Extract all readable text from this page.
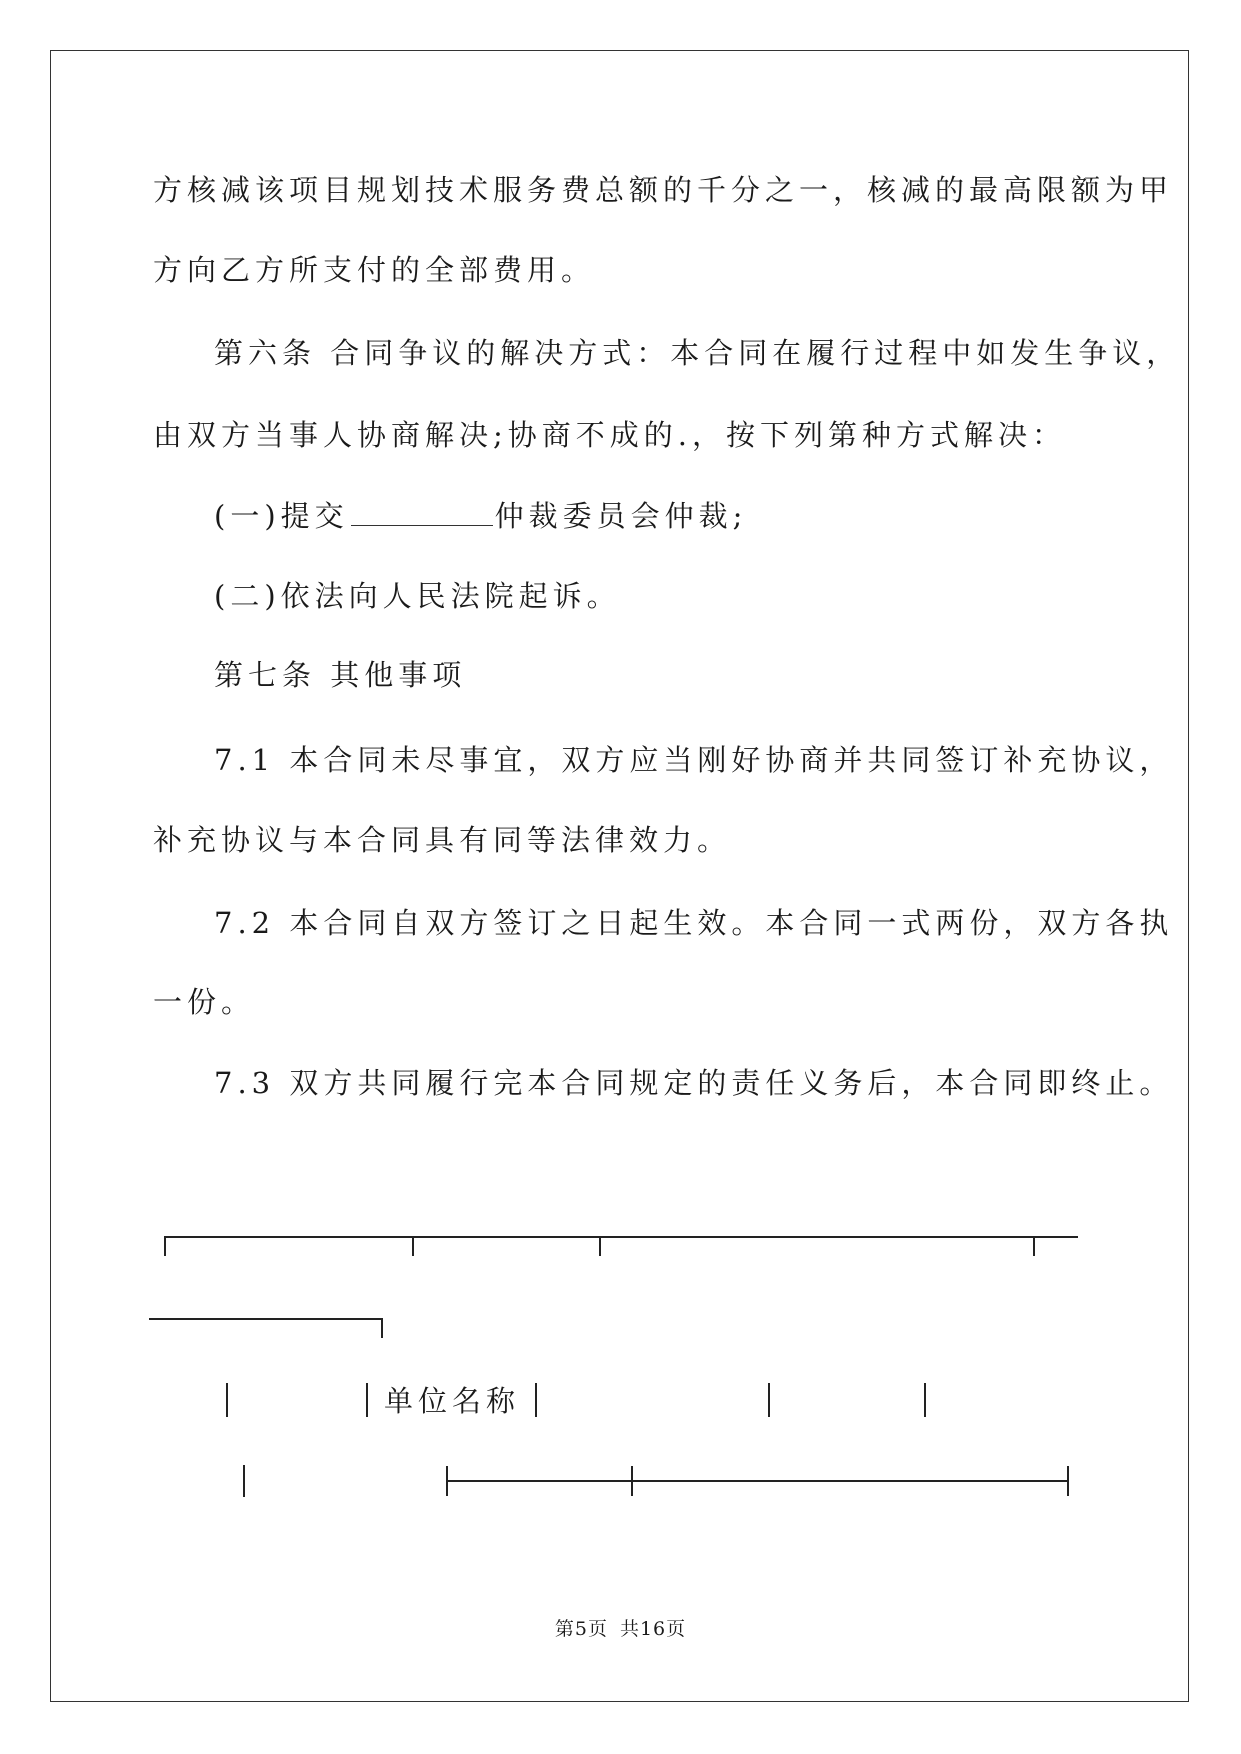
方核减该项目规划技术服务费总额的千分之一，核减的最高限额为甲
方向乙方所支付的全部费用。
第六条 合同争议的解决方式：本合同在履行过程中如发生争议，
由双方当事人协商解决;协商不成的.，按下列第种方式解决：
(一)提交	仲裁委员会仲裁;
(二)依法向人民法院起诉。
第七条 其他事项
7.1 本合同未尽事宜，双方应当刚好协商并共同签订补充协议，
补充协议与本合同具有同等法律效力。
7.2 本合同自双方签订之日起生效。本合同一式两份，双方各执
一份。
7.3 双方共同履行完本合同规定的责任义务后，本合同即终止。
单位名称
第5页 共16页
